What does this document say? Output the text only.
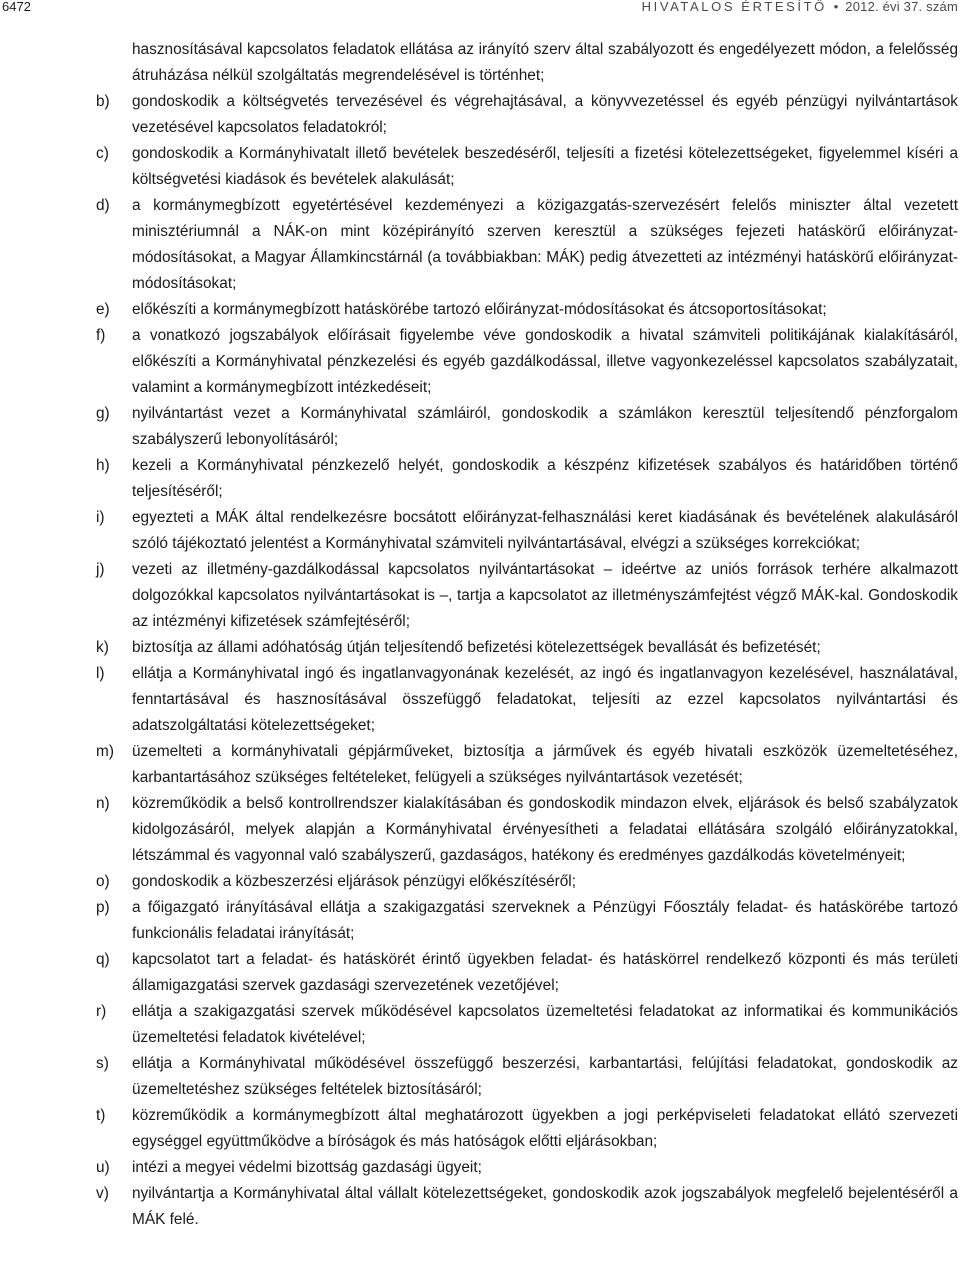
6472	HIVATALOS ÉRTESÍTŐ • 2012. évi 37. szám
hasznosításával kapcsolatos feladatok ellátása az irányító szerv által szabályozott és engedélyezett módon, a felelősség átruházása nélkül szolgáltatás megrendelésével is történhet;
b) gondoskodik a költségvetés tervezésével és végrehajtásával, a könyvvezetéssel és egyéb pénzügyi nyilvántartások vezetésével kapcsolatos feladatokról;
c) gondoskodik a Kormányhivatalt illető bevételek beszedéséről, teljesíti a fizetési kötelezettségeket, figyelemmel kíséri a költségvetési kiadások és bevételek alakulását;
d) a kormánymegbízott egyetértésével kezdeményezi a közigazgatás-szervezésért felelős miniszter által vezetett minisztériumnál a NÁK-on mint középirányító szerven keresztül a szükséges fejezeti hatáskörű előirányzat-módosításokat, a Magyar Államkincstárnál (a továbbiakban: MÁK) pedig átvezetteti az intézményi hatáskörű előirányzat-módosításokat;
e) előkészíti a kormánymegbízott hatáskörébe tartozó előirányzat-módosításokat és átcsoportosításokat;
f) a vonatkozó jogszabályok előírásait figyelembe véve gondoskodik a hivatal számviteli politikájának kialakításáról, előkészíti a Kormányhivatal pénzkezelési és egyéb gazdálkodással, illetve vagyonkezeléssel kapcsolatos szabályzatait, valamint a kormánymegbízott intézkedéseit;
g) nyilvántartást vezet a Kormányhivatal számláiról, gondoskodik a számlákon keresztül teljesítendő pénzforgalom szabályszerű lebonyolításáról;
h) kezeli a Kormányhivatal pénzkezelő helyét, gondoskodik a készpénz kifizetések szabályos és határidőben történő teljesítéséről;
i) egyezteti a MÁK által rendelkezésre bocsátott előirányzat-felhasználási keret kiadásának és bevételének alakulásáról szóló tájékoztató jelentést a Kormányhivatal számviteli nyilvántartásával, elvégzi a szükséges korrekciókat;
j) vezeti az illetmény-gazdálkodással kapcsolatos nyilvántartásokat – ideértve az uniós források terhére alkalmazott dolgozókkal kapcsolatos nyilvántartásokat is –, tartja a kapcsolatot az illetményszámfejtést végző MÁK-kal. Gondoskodik az intézményi kifizetések számfejtéséről;
k) biztosítja az állami adóhatóság útján teljesítendő befizetési kötelezettségek bevallását és befizetését;
l) ellátja a Kormányhivatal ingó és ingatlanvagyonának kezelését, az ingó és ingatlanvagyon kezelésével, használatával, fenntartásával és hasznosításával összefüggő feladatokat, teljesíti az ezzel kapcsolatos nyilvántartási és adatszolgáltatási kötelezettségeket;
m) üzemelteti a kormányhivatali gépjárműveket, biztosítja a járművek és egyéb hivatali eszközök üzemeltetéséhez, karbantartásához szükséges feltételeket, felügyeli a szükséges nyilvántartások vezetését;
n) közreműködik a belső kontrollrendszer kialakításában és gondoskodik mindazon elvek, eljárások és belső szabályzatok kidolgozásáról, melyek alapján a Kormányhivatal érvényesítheti a feladatai ellátására szolgáló előirányzatokkal, létszámmal és vagyonnal való szabályszerű, gazdaságos, hatékony és eredményes gazdálkodás követelményeit;
o) gondoskodik a közbeszerzési eljárások pénzügyi előkészítéséről;
p) a főigazgató irányításával ellátja a szakigazgatási szerveknek a Pénzügyi Főosztály feladat- és hatáskörébe tartozó funkcionális feladatai irányítását;
q) kapcsolatot tart a feladat- és hatáskörét érintő ügyekben feladat- és hatáskörrel rendelkező központi és más területi államigazgatási szervek gazdasági szervezetének vezetőjével;
r) ellátja a szakigazgatási szervek működésével kapcsolatos üzemeltetési feladatokat az informatikai és kommunikációs üzemeltetési feladatok kivételével;
s) ellátja a Kormányhivatal működésével összefüggő beszerzési, karbantartási, felújítási feladatokat, gondoskodik az üzemeltetéshez szükséges feltételek biztosításáról;
t) közreműködik a kormánymegbízott által meghatározott ügyekben a jogi perképviseleti feladatokat ellátó szervezeti egységgel együttműködve a bíróságok és más hatóságok előtti eljárásokban;
u) intézi a megyei védelmi bizottság gazdasági ügyeit;
v) nyilvántartja a Kormányhivatal által vállalt kötelezettségeket, gondoskodik azok jogszabályok megfelelő bejelentéséről a MÁK felé.
